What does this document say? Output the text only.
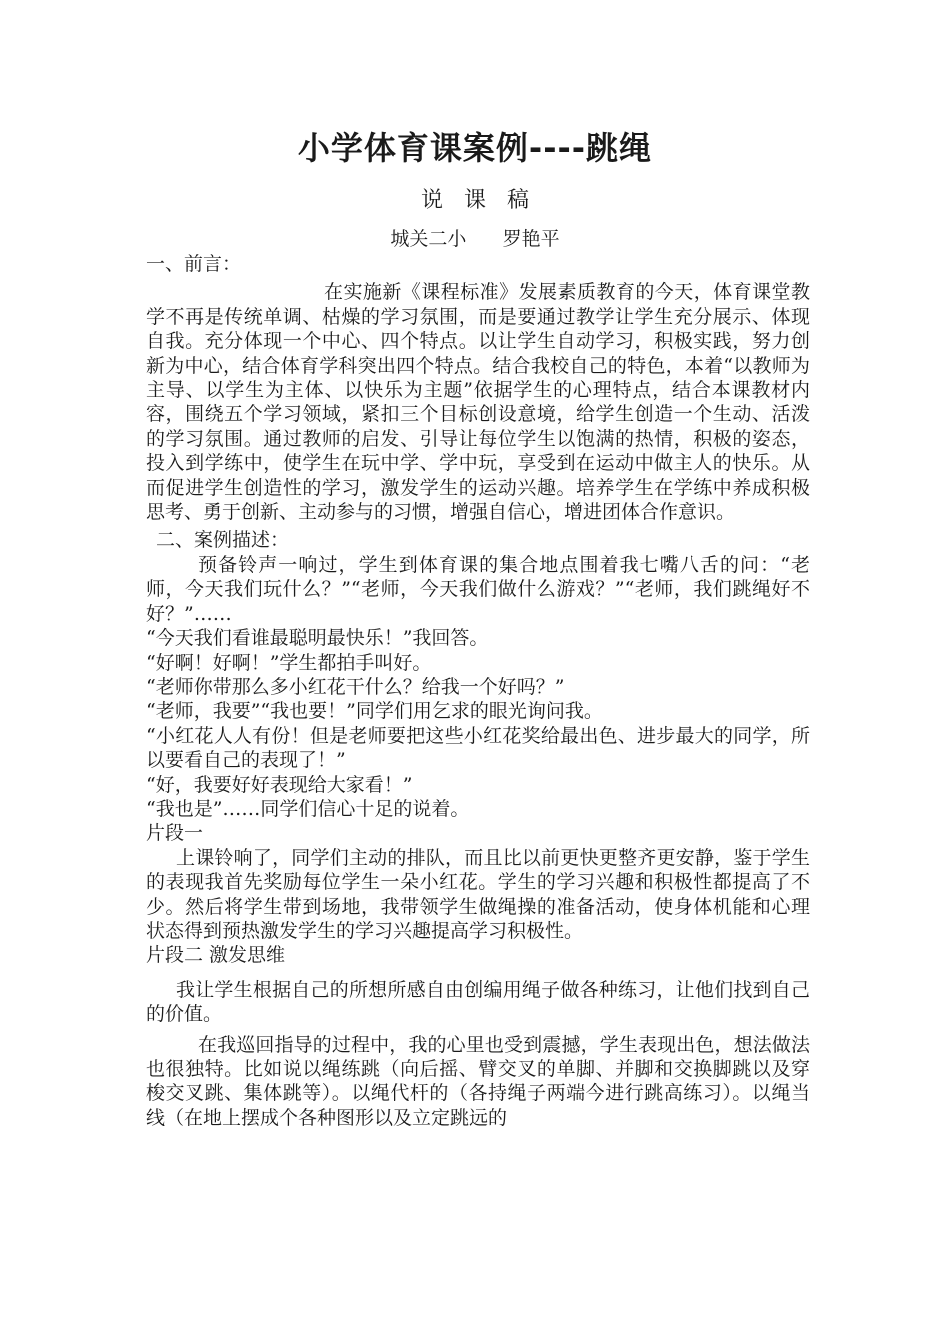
小学体育课案例----跳绳
说 课 稿
城关二小      罗艳平

一、前言：

在实施新《课程标准》发展素质教育的今天，体育课堂教学不再是传统单调、枯燥的学习氛围，而是要通过教学让学生充分展示、体现自我。充分体现一个中心、四个特点。以让学生自动学习，积极实践，努力创新为中心，结合体育学科突出四个特点。结合我校自己的特色，本着“以教师为主导、以学生为主体、以快乐为主题”依据学生的心理特点，结合本课教材内容，围绕五个学习领域，紧扣三个目标创设意境，给学生创造一个生动、活泼的学习氛围。通过教师的启发、引导让每位学生以饱满的热情，积极的姿态，投入到学练中，使学生在玩中学、学中玩，享受到在运动中做主人的快乐。从而促进学生创造性的学习，激发学生的运动兴趣。培养学生在学练中养成积极思考、勇于创新、主动参与的习惯，增强自信心，增进团体合作意识。

二、案例描述：

预备铃声一响过，学生到体育课的集合地点围着我七嘴八舌的问：“老师，今天我们玩什么？”“老师，今天我们做什么游戏？”“老师，我们跳绳好不好？”……

“今天我们看谁最聪明最快乐！”我回答。

“好啊！好啊！”学生都拍手叫好。

“老师你带那么多小红花干什么？给我一个好吗？”

“老师，我要”“我也要！”同学们用乞求的眼光询问我。

“小红花人人有份！但是老师要把这些小红花奖给最出色、进步最大的同学，所以要看自己的表现了！”

“好，我要好好表现给大家看！”

“我也是”……同学们信心十足的说着。

片段一

上课铃响了，同学们主动的排队，而且比以前更快更整齐更安静，鉴于学生的表现我首先奖励每位学生一朵小红花。学生的学习兴趣和积极性都提高了不少。然后将学生带到场地，我带领学生做绳操的准备活动，使身体机能和心理状态得到预热激发学生的学习兴趣提高学习积极性。

片段二 激发思维

我让学生根据自己的所想所感自由创编用绳子做各种练习，让他们找到自己的价值。

在我巡回指导的过程中，我的心里也受到震撼，学生表现出色，想法做法也很独特。比如说以绳练跳（向后摇、臂交叉的单脚、并脚和交换脚跳以及穿梭交叉跳、集体跳等）。以绳代杆的（各持绳子两端今进行跳高练习）。以绳当线（在地上摆成个各种图形以及立定跳远的
